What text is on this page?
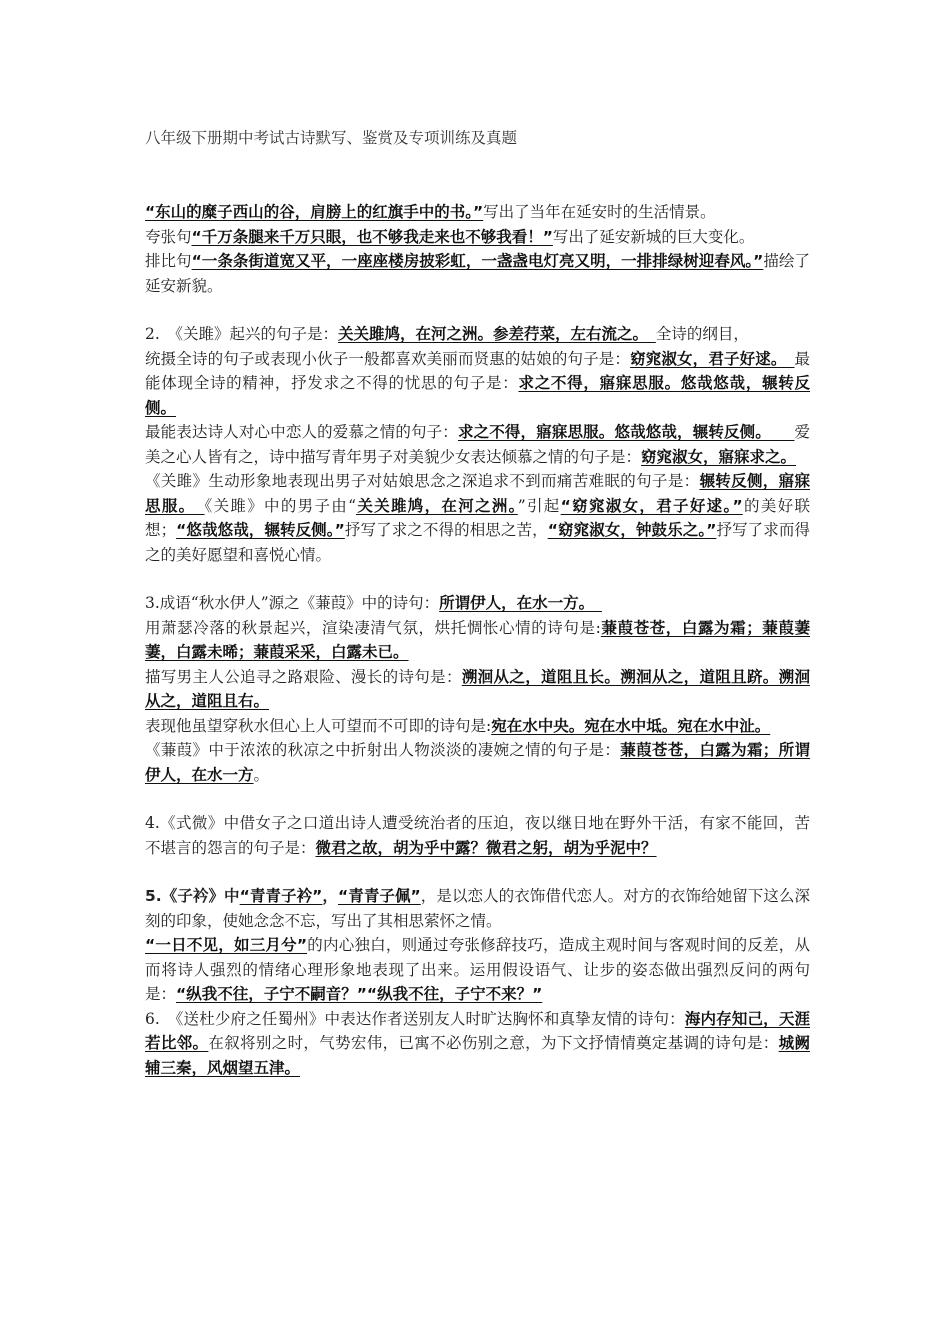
八年级下册期中考试古诗默写、鉴赏及专项训练及真题

“东山的糜子西山的谷，肩膀上的红旗手中的书。”写出了当年在延安时的生活情景。

夸张句“千万条腿来千万只眼，也不够我走来也不够我看！”写出了延安新城的巨大变化。

排比句“一条条街道宽又平，一座座楼房披彩虹，一盏盏电灯亮又明，一排排绿树迎春风。”描绘了延安新貌。

2.　《关雎》起兴的句子是：关关雎鸠，在河之洲。参差荇菜，左右流之。　全诗的纲目，

统摄全诗的句子或表现小伙子一般都喜欢美丽而贤惠的姑娘的句子是：窈窕淑女，君子好逑。　最能体现全诗的精神，抒发求之不得的忧思的句子是：求之不得，寤寐思服。悠哉悠哉，辗转反侧。

最能表达诗人对心中恋人的爱慕之情的句子：求之不得，寤寐思服。悠哉悠哉，辗转反侧。　　爱美之心人皆有之，诗中描写青年男子对美貌少女表达倾慕之情的句子是：窈窕淑女，寤寐求之。

《关雎》生动形象地表现出男子对姑娘思念之深追求不到而痛苦难眠的句子是：辗转反侧，寤寐思服。　《关雎》中的男子由“关关雎鸠，在河之洲。”引起“窈窕淑女，君子好逑。”的美好联想；“悠哉悠哉，辗转反侧。”抒写了求之不得的相思之苦，“窈窕淑女，钟鼓乐之。”抒写了求而得之的美好愿望和喜悦心情。

3.成语“秋水伊人”源之《蒹葭》中的诗句：所谓伊人，在水一方。　

用萧瑟冷落的秋景起兴，渲染凄清气氛，烘托惆怅心情的诗句是:蒹葭苍苍，白露为霜；蒹葭萋萋，白露未晞；蒹葭采采，白露未已。

描写男主人公追寻之路艰险、漫长的诗句是：溯洄从之，道阻且长。溯洄从之，道阻且跻。溯洄从之，道阻且右。

表现他虽望穿秋水但心上人可望而不可即的诗句是:宛在水中央。宛在水中坻。宛在水中沚。

《蒹葭》中于浓浓的秋凉之中折射出人物淡淡的凄婉之情的句子是：蒹葭苍苍，白露为霜；所谓伊人，在水一方。

4.《式微》中借女子之口道出诗人遭受统治者的压迫，夜以继日地在野外干活，有家不能回，苦不堪言的怨言的句子是：微君之故，胡为乎中露？微君之躬，胡为乎泥中？

5.《子衿》中“青青子衿”，“青青子佩”，是以恋人的衣饰借代恋人。对方的衣饰给她留下这么深刻的印象，使她念念不忘，写出了其相思萦怀之情。

“一日不见，如三月兮”的内心独白，则通过夸张修辞技巧，造成主观时间与客观时间的反差，从而将诗人强烈的情绪心理形象地表现了出来。运用假设语气、让步的姿态做出强烈反问的两句是：“纵我不往，子宁不嗣音？”“纵我不往，子宁不来？”

6.　《送杜少府之任蜀州》中表达作者送别友人时旷达胸怀和真挚友情的诗句：海内存知己，天涯若比邻。在叙将别之时，气势宏伟，已寓不必伤别之意，为下文抒情情奠定基调的诗句是：城阙辅三秦，风烟望五津。
